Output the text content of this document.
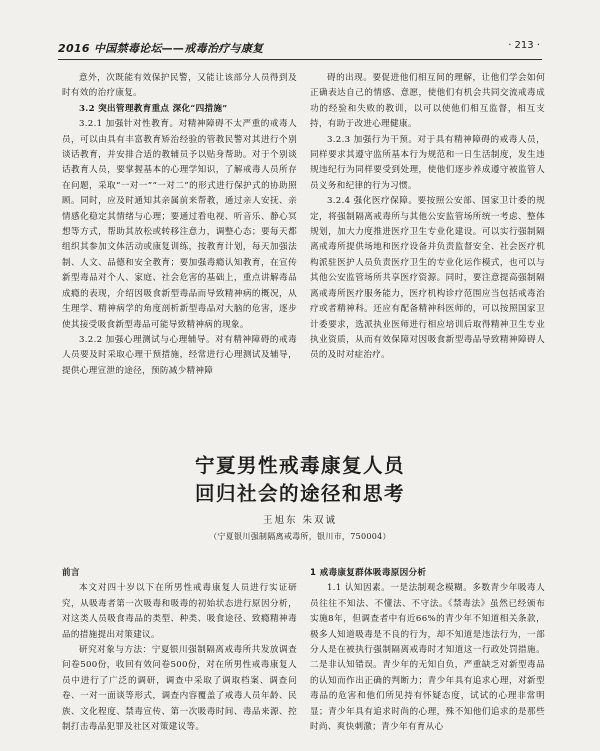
2016 中国禁毒论坛——戒毒治疗与康复	· 213 ·

意外，次既能有效保护民警，又能让该部分人员得到及时有效的治疗康复。

3.2 突出管理教育重点 深化“四措施”

3.2.1 加强针对性教育。对精神障碍不太严重的戒毒人员，可以由具有丰富教育矫治经验的管教民警对其进行个别谈话教育，并安排合适的教辅员予以贴身帮助。对于个别谈话教育人员，要掌握基本的心理学知识，了解戒毒人员所存在问题，采取“一对一”“一对二”的形式进行保护式的协助照顾。同时，应及时通知其亲属前来帮教，通过亲人安抚、亲情感化稳定其情绪与心理；要通过看电视、听音乐、静心冥想等方式，帮助其放松或转移注意力，调整心态；要每天都组织其参加文体活动或康复训练，按教育计划，每天加强法制、人文、品德和安全教育；要加强毒瘾认知教育，在宣传新型毒品对个人、家庭、社会危害的基础上，重点讲解毒品成瘾的表现，介绍因吸食新型毒品而导致精神病的概况，从生理学、精神病学的角度剖析新型毒品对大脑的危害，逐步使其接受吸食新型毒品可能导致精神病的现象。

3.2.2 加强心理测试与心理辅导。对有精神障碍的戒毒人员要及时采取心理干预措施，经常进行心理测试及辅导，提供心理宣泄的途径，预防减少精神障

碍的出现。要促进他们相互间的理解，让他们学会如何正确表达自己的情感、意愿，使他们有机会共同交流戒毒成功的经验和失败的教训，以可以使他们相互监督，相互支持，有助于改进心理健康。

3.2.3 加强行为干预。对于具有精神障碍的戒毒人员，同样要求其遵守监所基本行为规范和一日生活制度，发生违规违纪行为同样要受到处理，使他们逐步养成遵守被监管人员义务和纪律的行为习惯。

3.2.4 强化医疗保障。要按照公安部、国家卫计委的规定，将强制隔离戒毒所与其他公安监管场所统一考虑、整体规划，加大力度推进医疗卫生专业化建设。可以实行强制隔离戒毒所提供场地和医疗设备并负责监督安全、社会医疗机构派驻医护人员负责医疗卫生的专业化运作模式，也可以与其他公安监管场所共享医疗资源。同时，要注意提高强制隔离戒毒所医疗服务能力，医疗机构诊疗范围应当包括戒毒治疗或者精神科。还应有配备精神科医师的，可以按照国家卫计委要求，选派执业医师进行相应培训后取得精神卫生专业执业资质，从而有效保障对因吸食新型毒品导致精神障碍人员的及时对症治疗。

宁夏男性戒毒康复人员
回归社会的途径和思考
王旭东 朱双诚
（宁夏银川强制隔离戒毒所，银川市，750004）

前言

本文对四十岁以下在所男性戒毒康复人员进行实证研究，从吸毒者第一次吸毒和吸毒的初始状态进行原因分析，对这类人员吸食毒品的类型、种类、吸食途径、致瘾精神毒品的措施提出对策建议。

研究对象与方法：宁夏银川强制隔离戒毒所共发放调查问卷500份，收回有效问卷500份，对在所男性戒毒康复人员中进行了广泛的调研，调查中采取了调取档案、调查问卷、一对一面谈等形式，调查内容覆盖了戒毒人员年龄、民族、文化程度、禁毒宣传、第一次吸毒时间、毒品来源、控制打击毒品犯罪及社区对策建议等。

1 戒毒康复群体吸毒原因分析

1.1 认知因素。一是法制观念模糊。多数青少年吸毒人员往往不知法、不懂法、不守法。《禁毒法》虽然已经颁布实施8年，但调查者中有近66%的青少年不知道相关条款，极多人知道吸毒是不良的行为，却不知道是违法行为，一部分人是在被执行强制隔离戒毒时才知道这一行政处罚措施。二是非认知错误。青少年的无知自负，严重缺乏对新型毒品的认知而作出正确的判断力；青少年具有追求心理，对新型毒品的危害和他们所见持有怀疑态度，试试的心理非常明显；青少年具有追求时尚的心理，殊不知他们追求的是那些时尚、爽快刺激；青少年有育从心
